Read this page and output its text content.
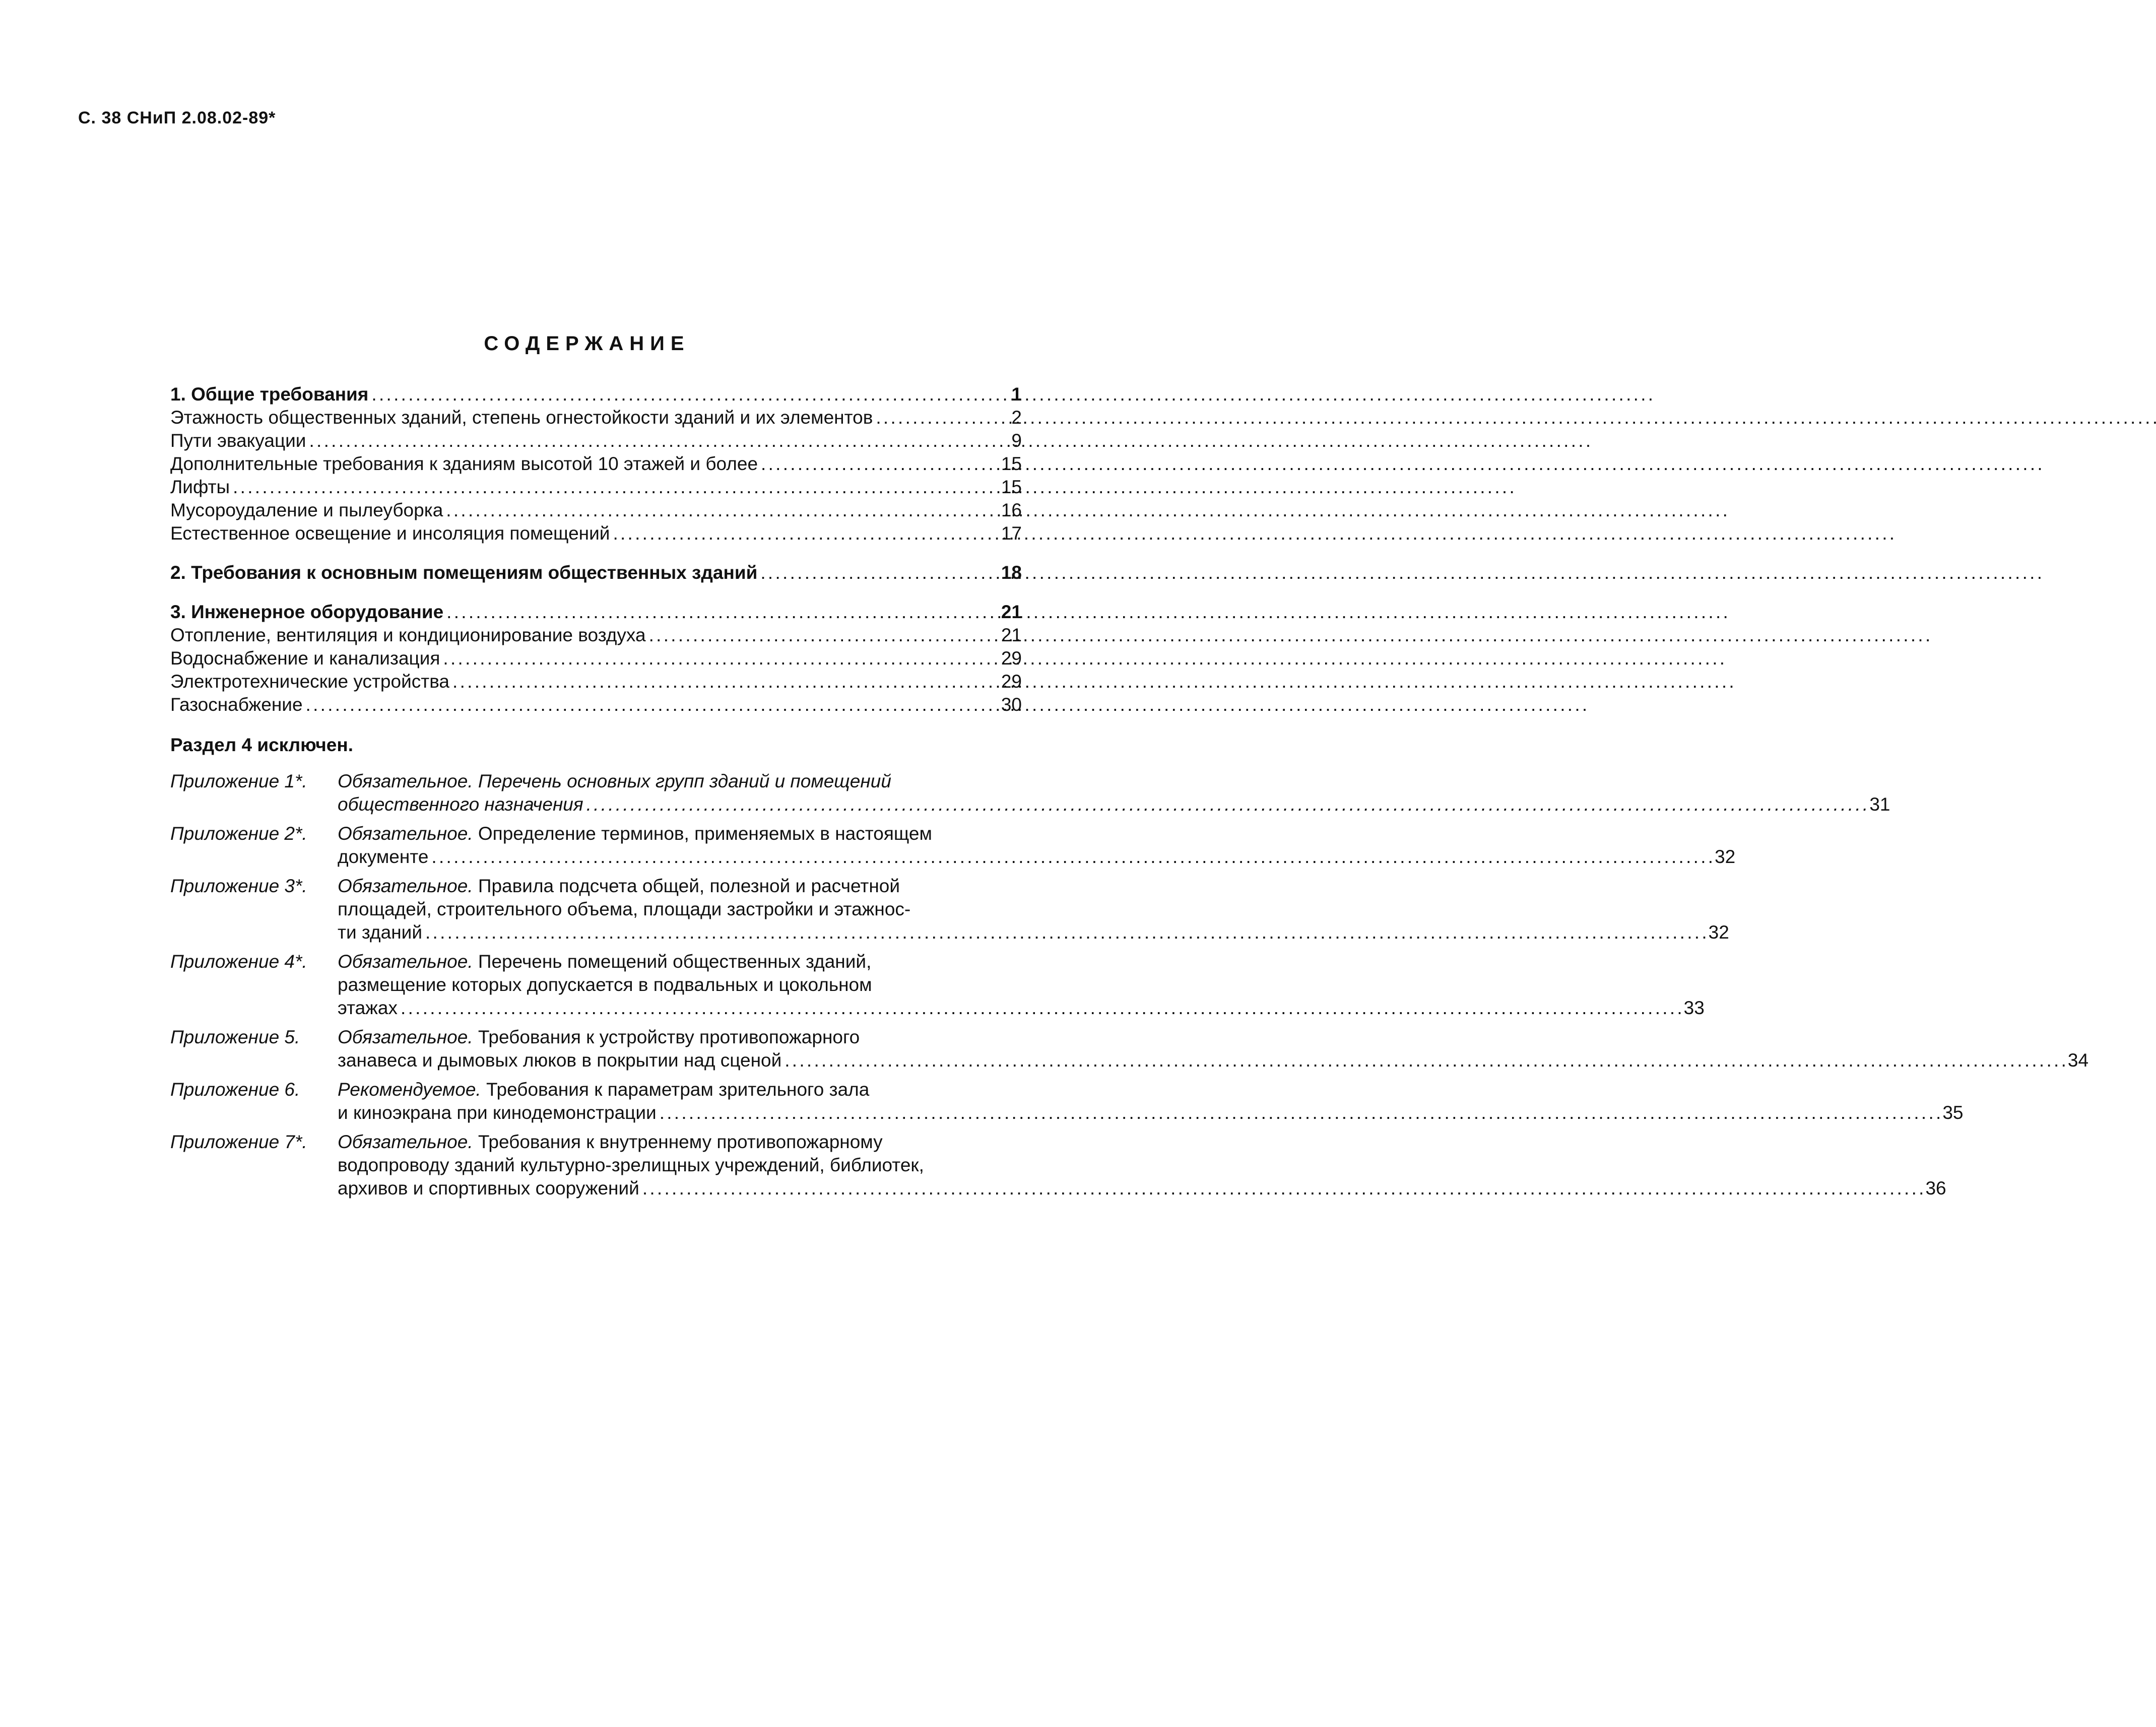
С. 38 СНиП 2.08.02-89*
СОДЕРЖАНИЕ
1. Общие требования . . .	1
Этажность общественных зданий, степень огнестойкости зданий и их элементов . . .	2
Пути эвакуации . . .	9
Дополнительные требования к зданиям высотой 10 этажей и более . . .	15
Лифты . . .	15
Мусороудаление и пылеуборка . . .	16
Естественное освещение и инсоляция помещений . . .	17
2. Требования к основным помещениям общественных зданий . . .	18
3. Инженерное оборудование . . .	21
Отопление, вентиляция и кондиционирование воздуха . . .	21
Водоснабжение и канализация . . .	29
Электротехнические устройства . . .	29
Газоснабжение . . .	30
Раздел 4 исключен.
Приложение 1*.	Обязательное. Перечень основных групп зданий и помещений
общественного назначения . . .	31
Приложение 2*.	Обязательное. Определение терминов, применяемых в настоящем
документе . . .	32
Приложение 3*.	Обязательное. Правила подсчета общей, полезной и расчетной
площадей, строительного объема, площади застройки и этажнос-
ти зданий . . .	32
Приложение 4*.	Обязательное. Перечень помещений общественных зданий,
размещение которых допускается в подвальных и цокольном
этажах . . .	33
Приложение 5.	Обязательное. Требования к устройству противопожарного
занавеса и дымовых люков в покрытии над сценой . . .	34
Приложение 6.	Рекомендуемое. Требования к параметрам зрительного зала
и киноэкрана при кинодемонстрации . . .	35
Приложение 7*.	Обязательное. Требования к внутреннему противопожарному
водопроводу зданий культурно-зрелищных учреждений, библиотек,
архивов и спортивных сооружений . . .	36
